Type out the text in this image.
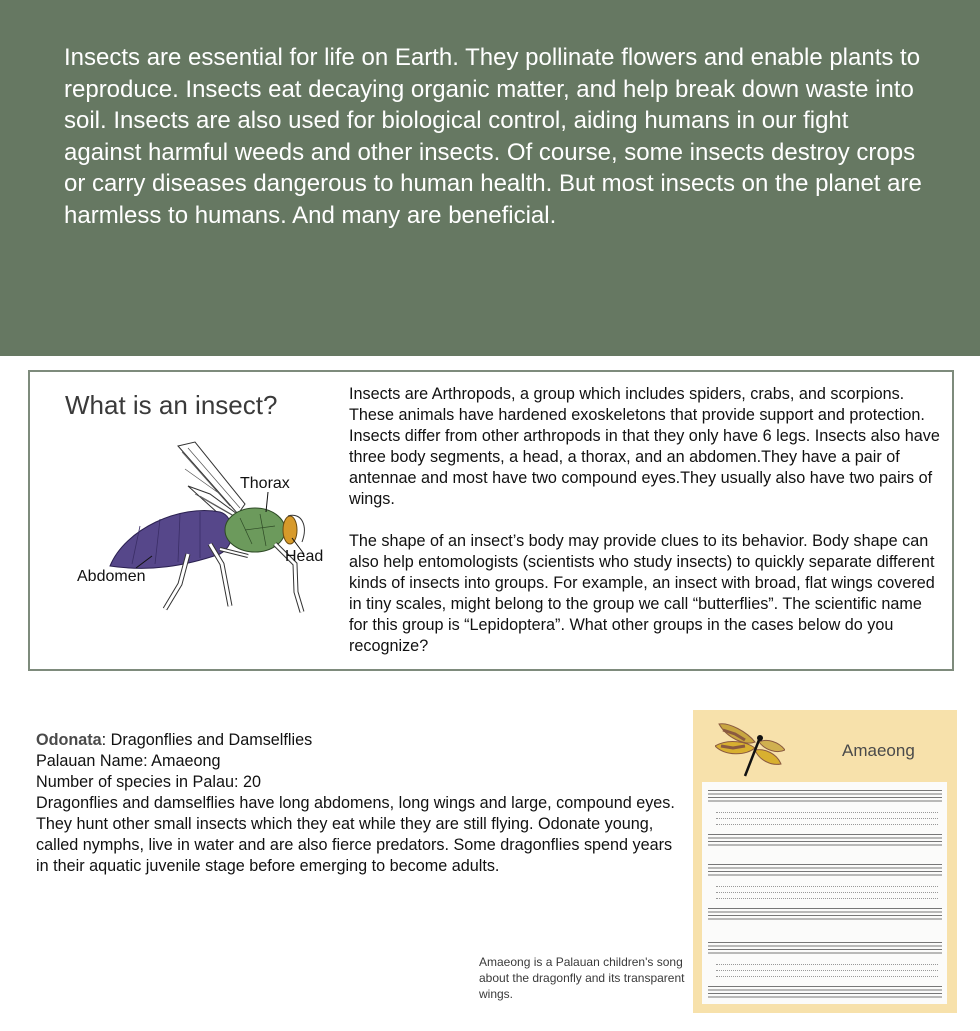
Insects are essential for life on Earth. They pollinate flowers and enable plants to reproduce. Insects eat decaying organic matter, and help break down waste into soil. Insects are also used for biological control, aiding humans in our fight against harmful weeds and other insects. Of course, some insects destroy crops or carry diseases dangerous to human health. But most insects on the planet are harmless to humans. And many are beneficial.

What is an insect?
Thorax
Head
Abdomen

Insects are Arthropods, a group which includes spiders, crabs, and scorpions. These animals have hardened exoskeletons that provide support and protection. Insects differ from other arthropods in that they only have 6 legs. Insects also have three body segments, a head, a thorax, and an abdomen.They have a pair of antennae and most have two compound eyes.They usually also have two pairs of wings.

The shape of an insect’s body may provide clues to its behavior. Body shape can also help entomologists (scientists who study insects) to quickly separate different kinds of insects into groups. For example, an insect with broad, flat wings covered in tiny scales, might belong to the group we call “butterflies”. The scientific name for this group is “Lepidoptera”. What other groups in the cases below do you recognize?

Odonata: Dragonflies and Damselflies
Palauan Name: Amaeong
Number of species in Palau: 20
Dragonflies and damselflies have long abdomens, long wings and large, compound eyes. They hunt other small insects which they eat while they are still flying. Odonate young, called nymphs, live in water and are also fierce predators. Some dragonflies spend years in their aquatic juvenile stage before emerging to become adults.
Amaeong is a Palauan children's song about the dragonfly and its transparent wings.
Amaeong
